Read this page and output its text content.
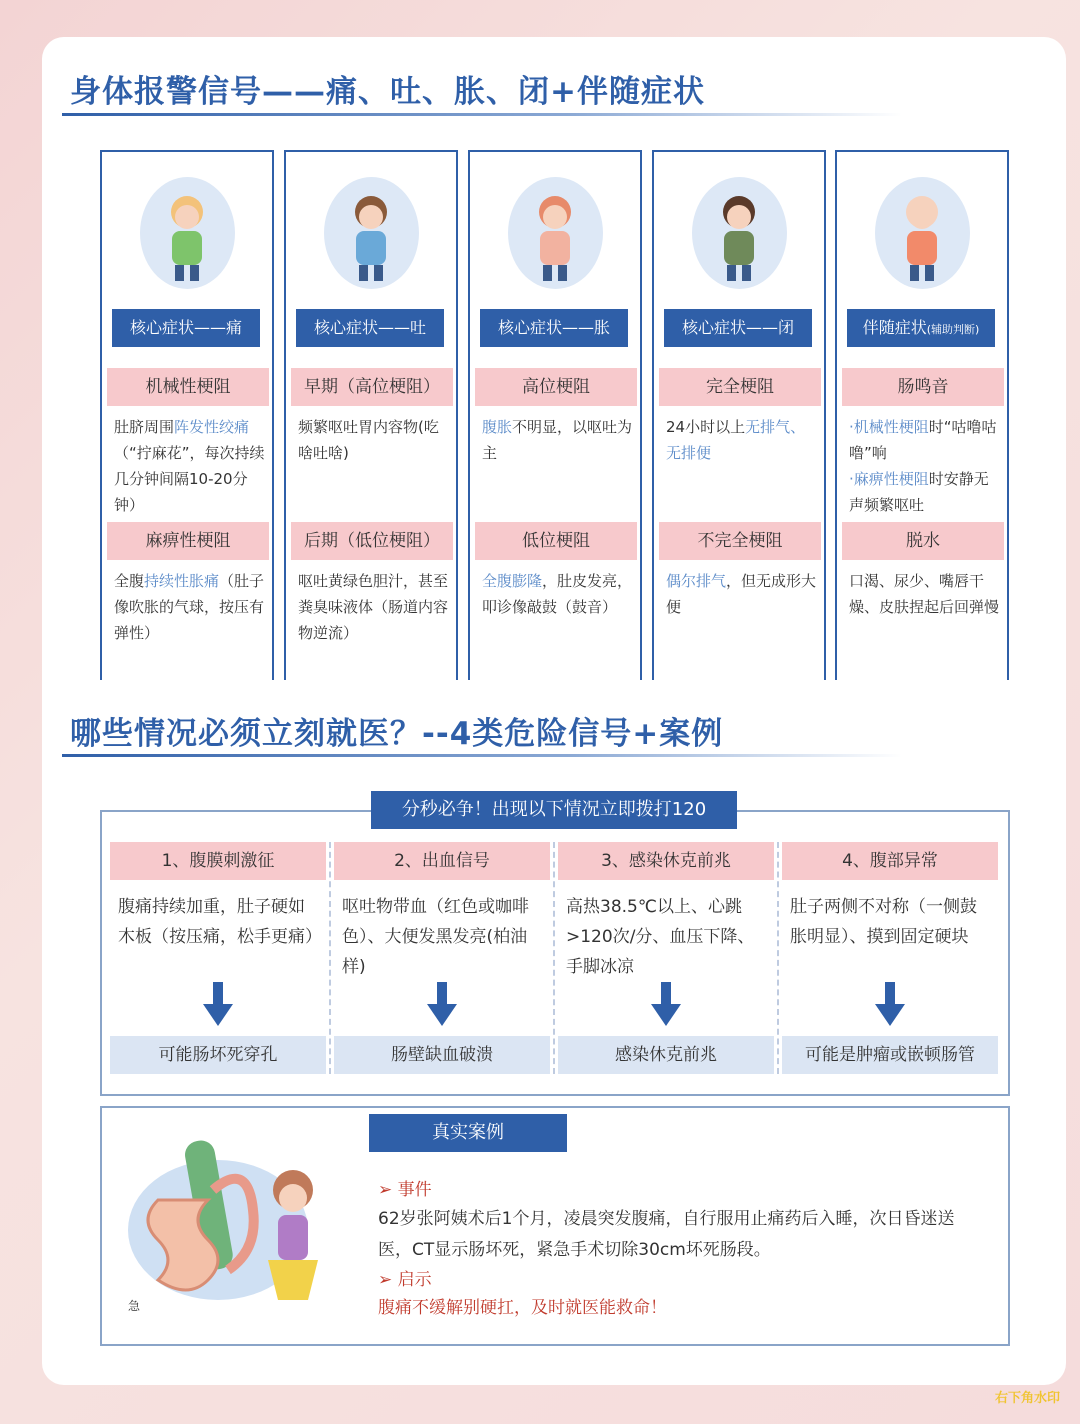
身体报警信号——痛、吐、胀、闭+伴随症状
核心症状——痛
机械性梗阻
肚脐周围阵发性绞痛（“拧麻花”，每次持续几分钟间隔10-20分钟）
麻痹性梗阻
全腹持续性胀痛（肚子像吹胀的气球，按压有弹性）
核心症状——吐
早期（高位梗阻）
频繁呕吐胃内容物(吃啥吐啥)
后期（低位梗阻）
呕吐黄绿色胆汁，甚至粪臭味液体（肠道内容物逆流）
核心症状——胀
高位梗阻
腹胀不明显，以呕吐为主
低位梗阻
全腹膨隆，肚皮发亮，叩诊像敲鼓（鼓音）
核心症状——闭
完全梗阻
24小时以上无排气、无排便
不完全梗阻
偶尔排气，但无成形大便
伴随症状(辅助判断)
肠鸣音
·机械性梗阻时“咕噜咕噜”响
·麻痹性梗阻时安静无声频繁呕吐
脱水
口渴、尿少、嘴唇干燥、皮肤捏起后回弹慢
哪些情况必须立刻就医？--4类危险信号+案例
分秒必争！出现以下情况立即拨打120
1、腹膜刺激征
腹痛持续加重，肚子硬如木板（按压痛，松手更痛）
可能肠坏死穿孔
2、出血信号
呕吐物带血（红色或咖啡色）、大便发黑发亮(柏油样)
肠壁缺血破溃
3、感染休克前兆
高热38.5℃以上、心跳>120次/分、血压下降、手脚冰凉
感染休克前兆
4、腹部异常
肚子两侧不对称（一侧鼓胀明显）、摸到固定硬块
可能是肿瘤或嵌顿肠管
真实案例
急
➢ 事件
62岁张阿姨术后1个月，凌晨突发腹痛，自行服用止痛药后入睡，次日昏迷送医，CT显示肠坏死，紧急手术切除30cm坏死肠段。
➢ 启示
腹痛不缓解别硬扛，及时就医能救命！
右下角水印
